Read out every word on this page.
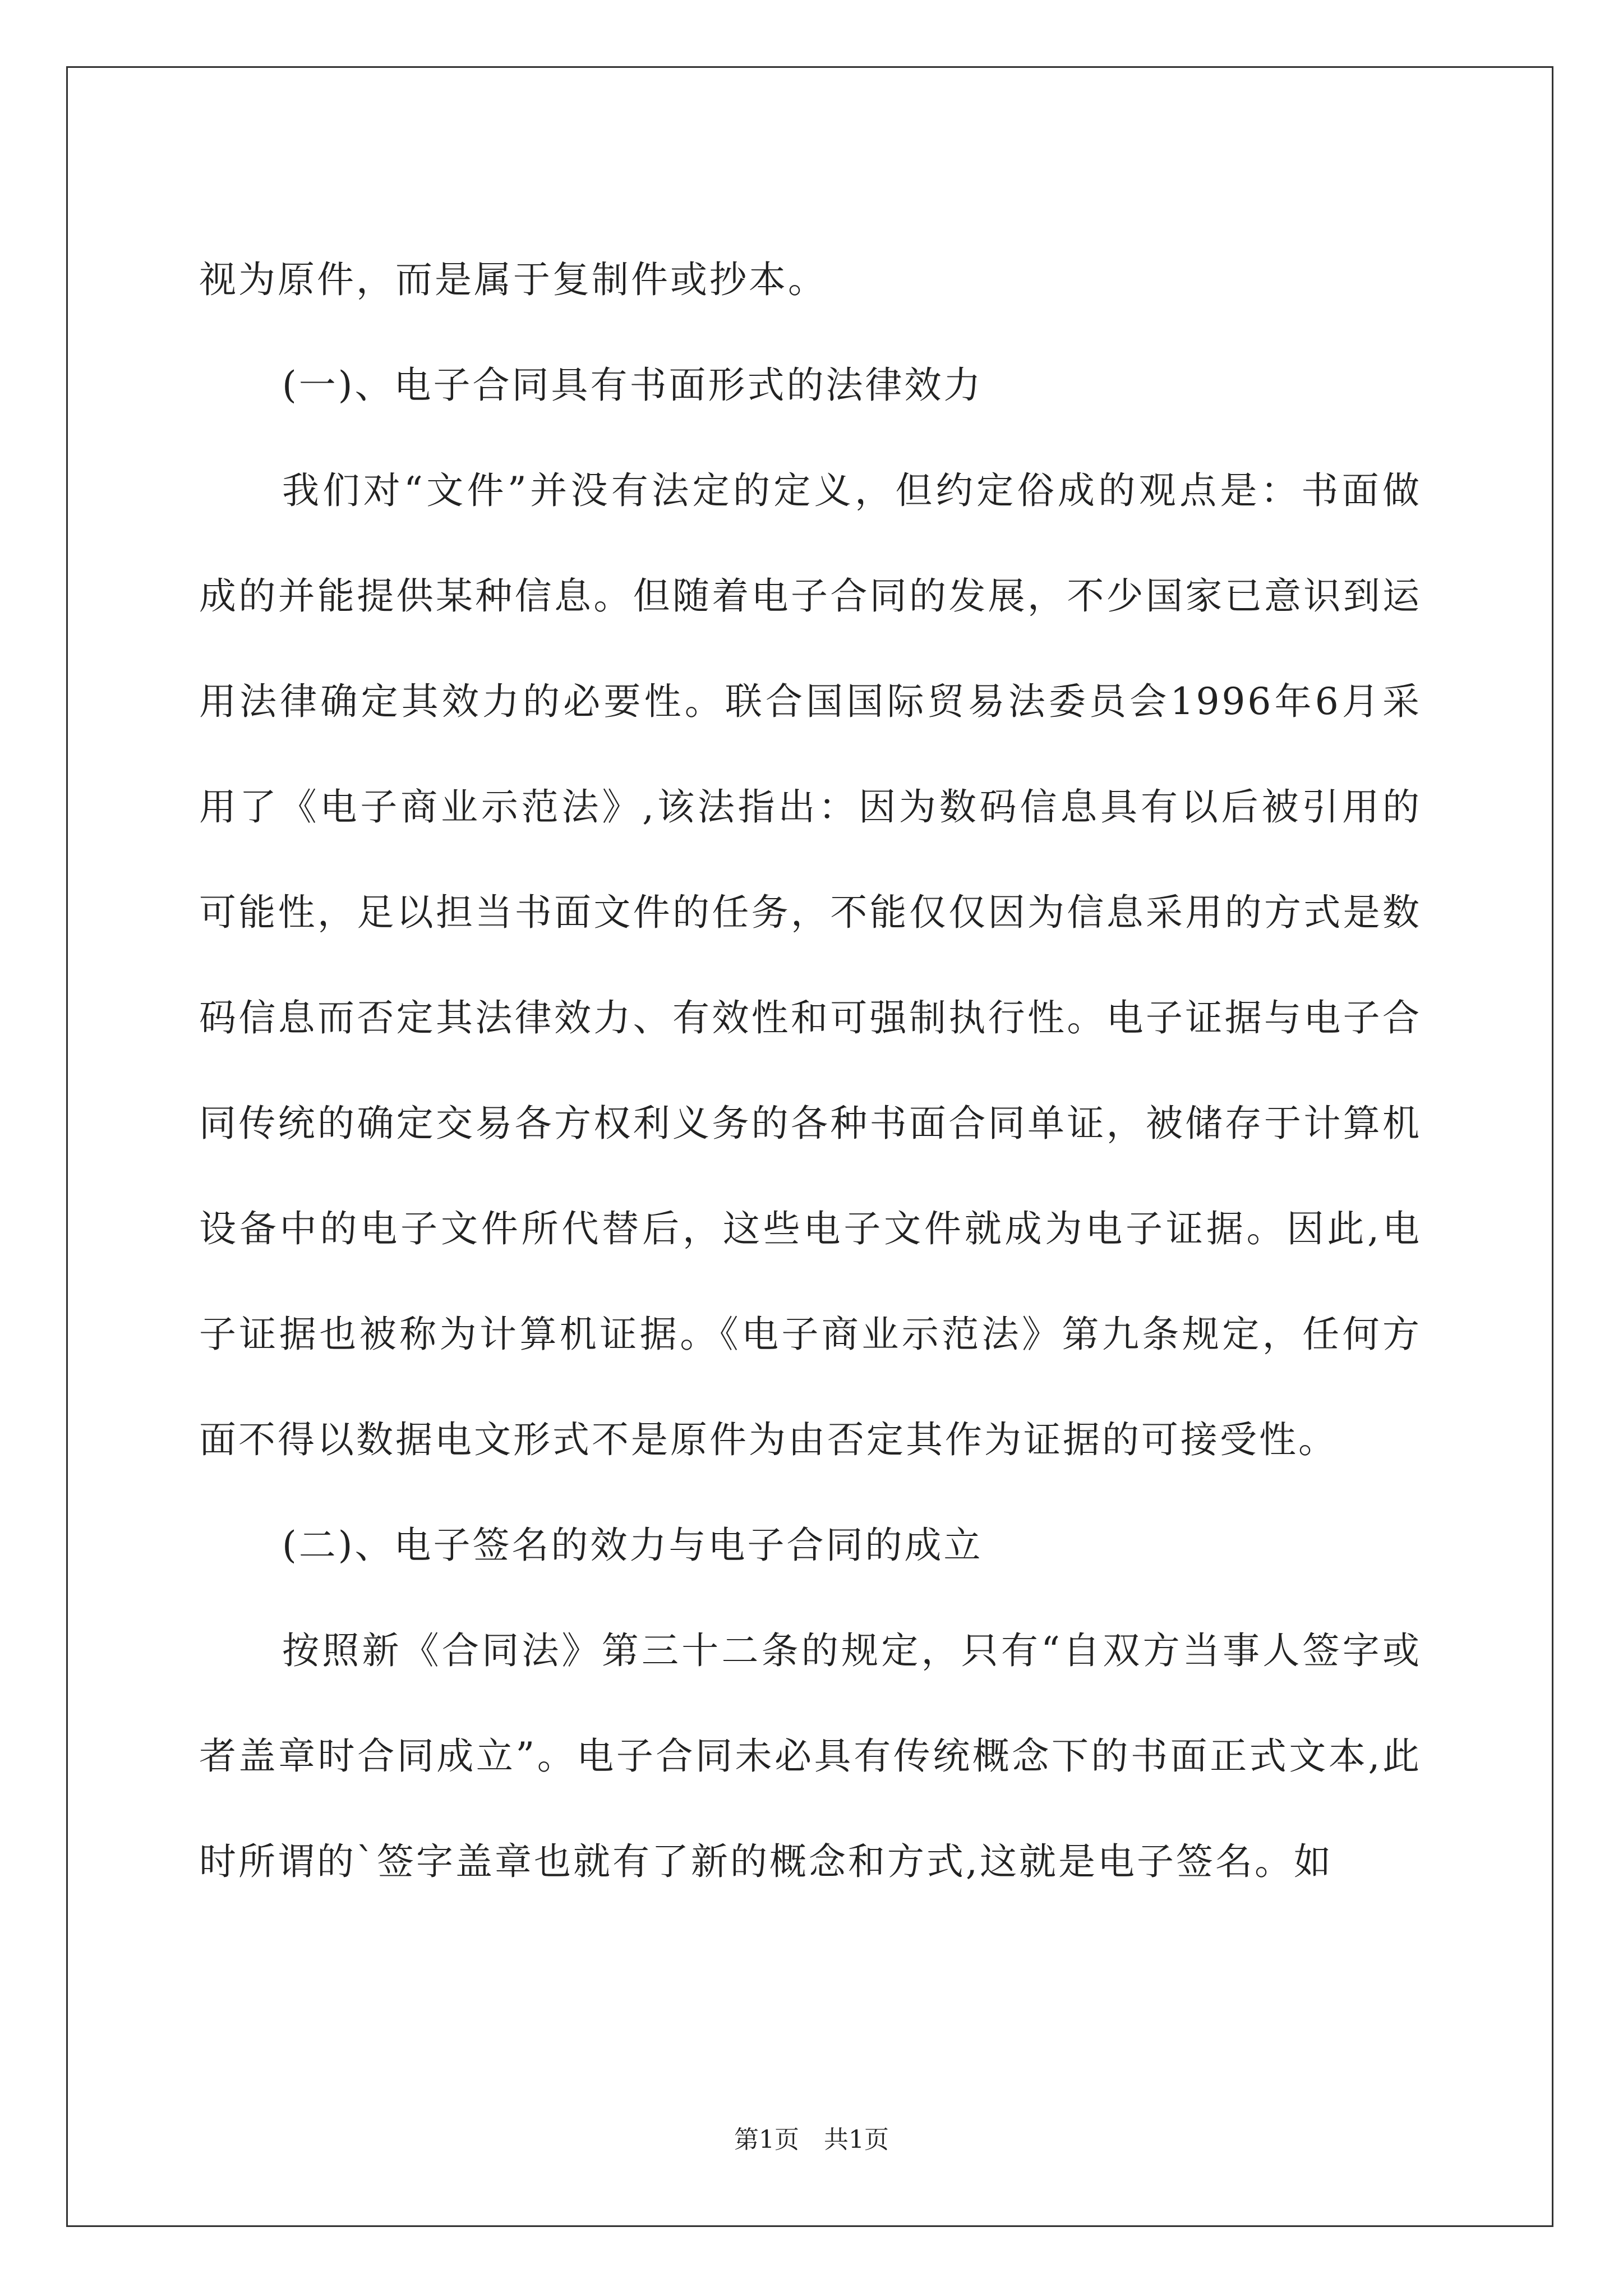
视为原件，而是属于复制件或抄本。

(一)、电子合同具有书面形式的法律效力

我们对“文件”并没有法定的定义，但约定俗成的观点是：书面做成的并能提供某种信息。但随着电子合同的发展，不少国家已意识到运用法律确定其效力的必要性。联合国国际贸易法委员会1996年6月采用了《电子商业示范法》,该法指出：因为数码信息具有以后被引用的可能性，足以担当书面文件的任务，不能仅仅因为信息采用的方式是数码信息而否定其法律效力、有效性和可强制执行性。电子证据与电子合同传统的确定交易各方权利义务的各种书面合同单证，被储存于计算机设备中的电子文件所代替后，这些电子文件就成为电子证据。因此,电子证据也被称为计算机证据。《电子商业示范法》第九条规定，任何方面不得以数据电文形式不是原件为由否定其作为证据的可接受性。

(二)、电子签名的效力与电子合同的成立

按照新《合同法》第三十二条的规定，只有“自双方当事人签字或者盖章时合同成立”。电子合同未必具有传统概念下的书面正式文本,此时所谓的`签字盖章也就有了新的概念和方式,这就是电子签名。如

第1页　共1页
